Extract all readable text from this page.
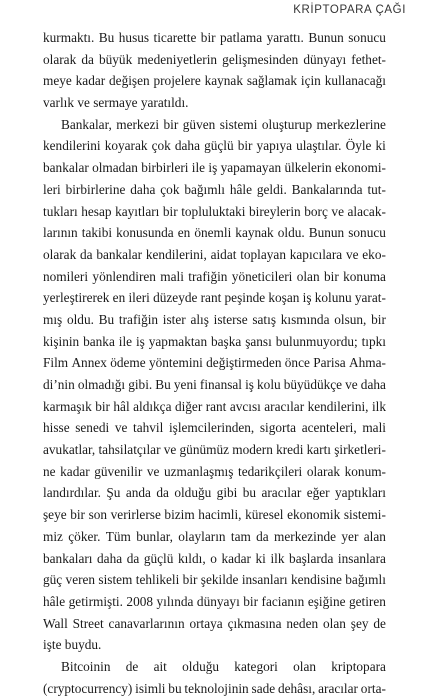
KRİPTOPARA ÇAĞI
kurmaktı. Bu husus ticarette bir patlama yarattı. Bunun sonucu
olarak da büyük medeniyetlerin gelişmesinden dünyayı fethet-
meye kadar değişen projelere kaynak sağlamak için kullanacağı
varlık ve sermaye yaratıldı.
Bankalar, merkezi bir güven sistemi oluşturup merkezlerine
kendilerini koyarak çok daha güçlü bir yapıya ulaştılar. Öyle ki
bankalar olmadan birbirleri ile iş yapamayan ülkelerin ekonomi-
leri birbirlerine daha çok bağımlı hâle geldi. Bankalarında tut-
tukları hesap kayıtları bir topluluktaki bireylerin borç ve alacak-
larının takibi konusunda en önemli kaynak oldu. Bunun sonucu
olarak da bankalar kendilerini, aidat toplayan kapıcılara ve eko-
nomileri yönlendiren mali trafiğin yöneticileri olan bir konuma
yerleştirerek en ileri düzeyde rant peşinde koşan iş kolunu yarat-
mış oldu. Bu trafiğin ister alış isterse satış kısmında olsun, bir
kişinin banka ile iş yapmaktan başka şansı bulunmuyordu; tıpkı
Film Annex ödeme yöntemini değiştirmeden önce Parisa Ahma-
di’nin olmadığı gibi. Bu yeni finansal iş kolu büyüdükçe ve daha
karmaşık bir hâl aldıkça diğer rant avcısı aracılar kendilerini, ilk
hisse senedi ve tahvil işlemcilerinden, sigorta acenteleri, mali
avukatlar, tahsilatçılar ve günümüz modern kredi kartı şirketleri-
ne kadar güvenilir ve uzmanlaşmış tedarikçileri olarak konum-
landırdılar. Şu anda da olduğu gibi bu aracılar eğer yaptıkları
şeye bir son verirlerse bizim hacimli, küresel ekonomik sistemi-
miz çöker. Tüm bunlar, olayların tam da merkezinde yer alan
bankaları daha da güçlü kıldı, o kadar ki ilk başlarda insanlara
güç veren sistem tehlikeli bir şekilde insanları kendisine bağımlı
hâle getirmişti. 2008 yılında dünyayı bir facianın eşiğine getiren
Wall Street canavarlarının ortaya çıkmasına neden olan şey de
işte buydu.
Bitcoinin de ait olduğu kategori olan kriptopara
(cryptocurrency) isimli bu teknolojinin sade dehâsı, aracılar orta-
